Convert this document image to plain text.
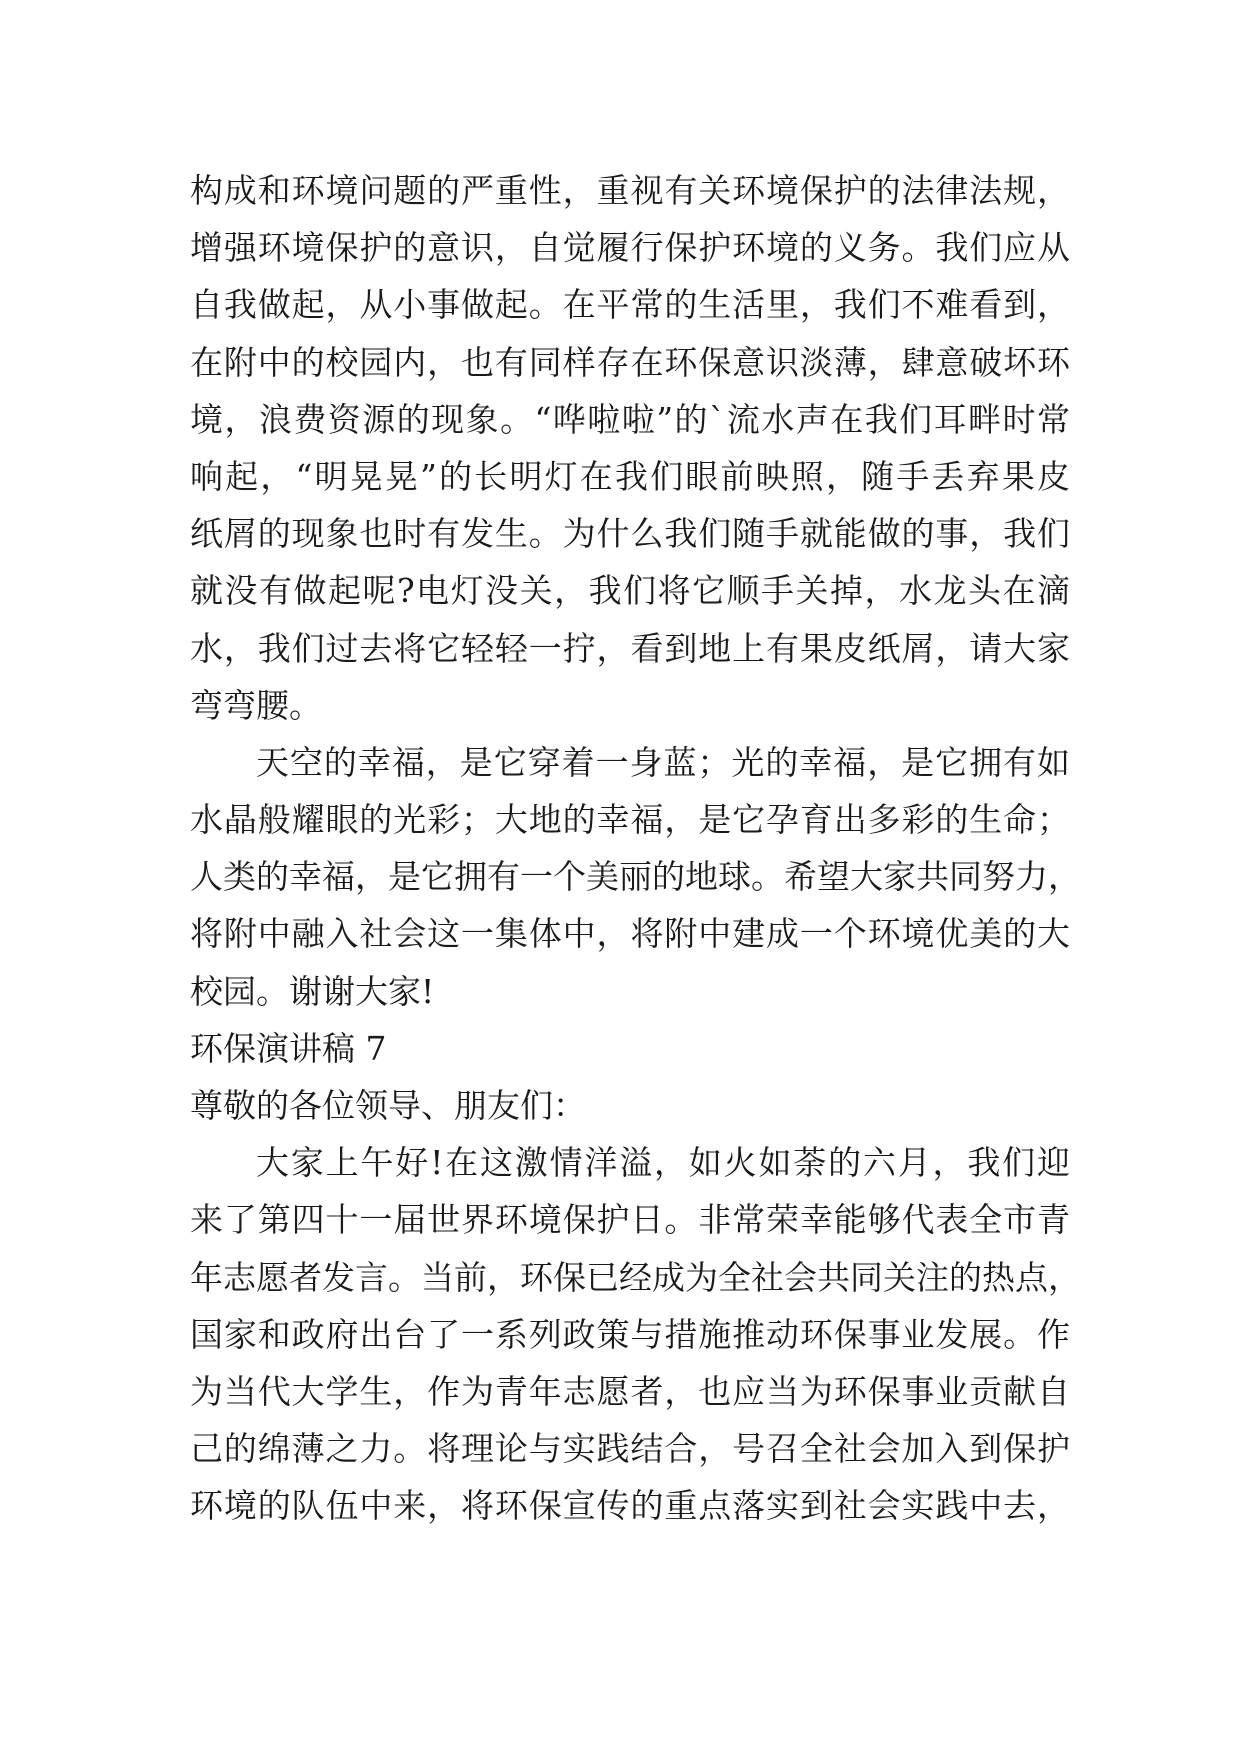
构成和环境问题的严重性，重视有关环境保护的法律法规，
增强环境保护的意识，自觉履行保护环境的义务。我们应从
自我做起，从小事做起。在平常的生活里，我们不难看到，
在附中的校园内，也有同样存在环保意识淡薄，肆意破坏环
境，浪费资源的现象。“哗啦啦”的`流水声在我们耳畔时常
响起，“明晃晃”的长明灯在我们眼前映照，随手丢弃果皮
纸屑的现象也时有发生。为什么我们随手就能做的事，我们
就没有做起呢?电灯没关，我们将它顺手关掉，水龙头在滴
水，我们过去将它轻轻一拧，看到地上有果皮纸屑，请大家
弯弯腰。
天空的幸福，是它穿着一身蓝；光的幸福，是它拥有如
水晶般耀眼的光彩；大地的幸福，是它孕育出多彩的生命；
人类的幸福，是它拥有一个美丽的地球。希望大家共同努力，
将附中融入社会这一集体中，将附中建成一个环境优美的大
校园。谢谢大家!
环保演讲稿 7
尊敬的各位领导、朋友们：
大家上午好!在这激情洋溢，如火如荼的六月，我们迎
来了第四十一届世界环境保护日。非常荣幸能够代表全市青
年志愿者发言。当前，环保已经成为全社会共同关注的热点，
国家和政府出台了一系列政策与措施推动环保事业发展。作
为当代大学生，作为青年志愿者，也应当为环保事业贡献自
己的绵薄之力。将理论与实践结合，号召全社会加入到保护
环境的队伍中来，将环保宣传的重点落实到社会实践中去，
